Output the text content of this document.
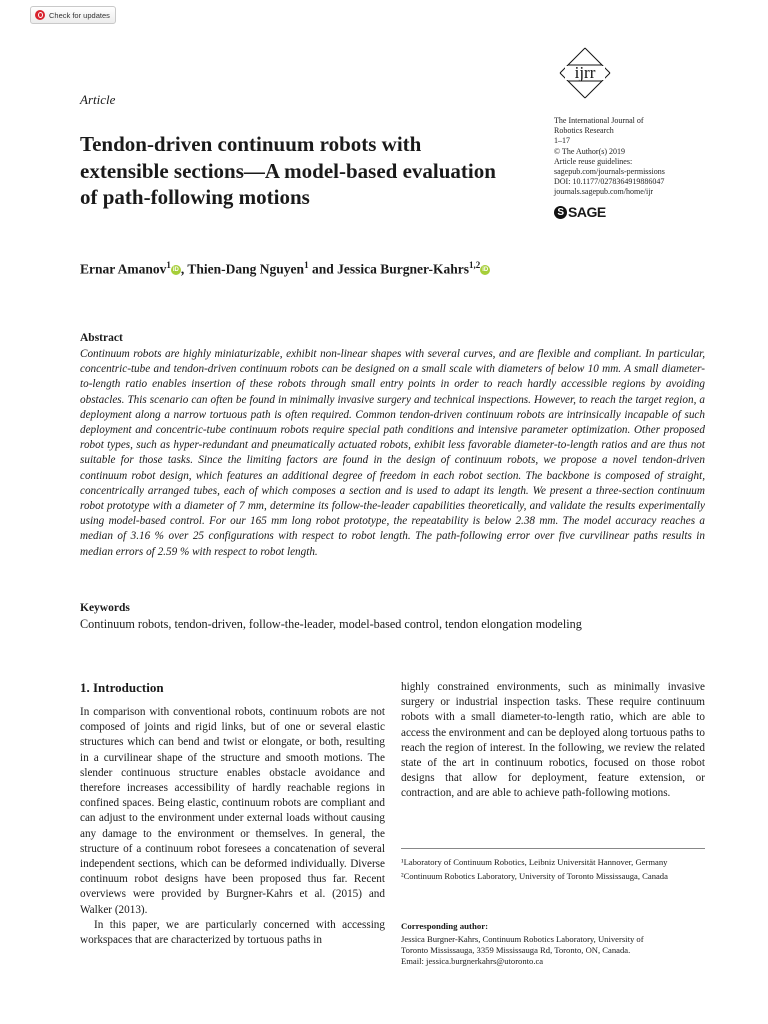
Check for updates
Article
Tendon-driven continuum robots with extensible sections—A model-based evaluation of path-following motions
ijrr
The International Journal of
Robotics Research
1–17
© The Author(s) 2019
Article reuse guidelines:
sagepub.com/journals-permissions
DOI: 10.1177/0278364919886047
journals.sagepub.com/home/ijr
S SAGE
Ernar Amanov$^1$iD , Thien-Dang Nguyen$^1$ and Jessica Burgner-Kahrs$^{1,2}$iD
Abstract

Continuum robots are highly miniaturizable, exhibit non-linear shapes with several curves, and are flexible and compliant. In particular, concentric-tube and tendon-driven continuum robots can be designed on a small scale with diameters of below 10 mm. A small diameter-to-length ratio enables insertion of these robots through small entry points in order to reach hardly accessible regions by avoiding obstacles. This scenario can often be found in minimally invasive surgery and technical inspections. However, to reach the target region, a deployment along a narrow tortuous path is often required. Common tendon-driven continuum robots are intrinsically incapable of such deployment and concentric-tube continuum robots require special path conditions and intensive parameter optimization. Other proposed robot types, such as hyper-redundant and pneumatically actuated robots, exhibit less favorable diameter-to-length ratios and are thus not suitable for those tasks. Since the limiting factors are found in the design of continuum robots, we propose a novel tendon-driven continuum robot design, which features an additional degree of freedom in each robot section. The backbone is composed of straight, concentrically arranged tubes, each of which composes a section and is used to adapt its length. We present a three-section continuum robot prototype with a diameter of 7 mm, determine its follow-the-leader capabilities theoretically, and validate the results experimentally using model-based control. For our 165 mm long robot prototype, the repeatability is below 2.38 mm. The model accuracy reaches a median of 3.16 % over 25 configurations with respect to robot length. The path-following error over five curvilinear paths results in median errors of 2.59 % with respect to robot length.

Keywords
Continuum robots, tendon-driven, follow-the-leader, model-based control, tendon elongation modeling
1. Introduction

In comparison with conventional robots, continuum robots are not composed of joints and rigid links, but of one or several elastic structures which can bend and twist or elongate, or both, resulting in a curvilinear shape of the structure and smooth motions. The slender continuous structure enables obstacle avoidance and therefore increases accessibility of hardly reachable regions in confined spaces. Being elastic, continuum robots are compliant and can adjust to the environment under external loads without causing any damage to the environment or themselves. In general, the structure of a continuum robot foresees a concatenation of several independent sections, which can be deformed individually. Diverse continuum robot designs have been proposed thus far. Recent overviews were provided by Burgner-Kahrs et al. (2015) and Walker (2013).

In this paper, we are particularly concerned with accessing workspaces that are characterized by tortuous paths in

highly constrained environments, such as minimally invasive surgery or industrial inspection tasks. These require continuum robots with a small diameter-to-length ratio, which are able to access the environment and can be deployed along tortuous paths to reach the region of interest. In the following, we review the related state of the art in continuum robotics, focused on those robot designs that allow for deployment, feature extension, or contraction, and are able to achieve path-following motions.

¹Laboratory of Continuum Robotics, Leibniz Universität Hannover, Germany
²Continuum Robotics Laboratory, University of Toronto Mississauga, Canada
Corresponding author:
Jessica Burgner-Kahrs, Continuum Robotics Laboratory, University of
Toronto Mississauga, 3359 Mississauga Rd, Toronto, ON, Canada.
Email: jessica.burgnerkahrs@utoronto.ca
